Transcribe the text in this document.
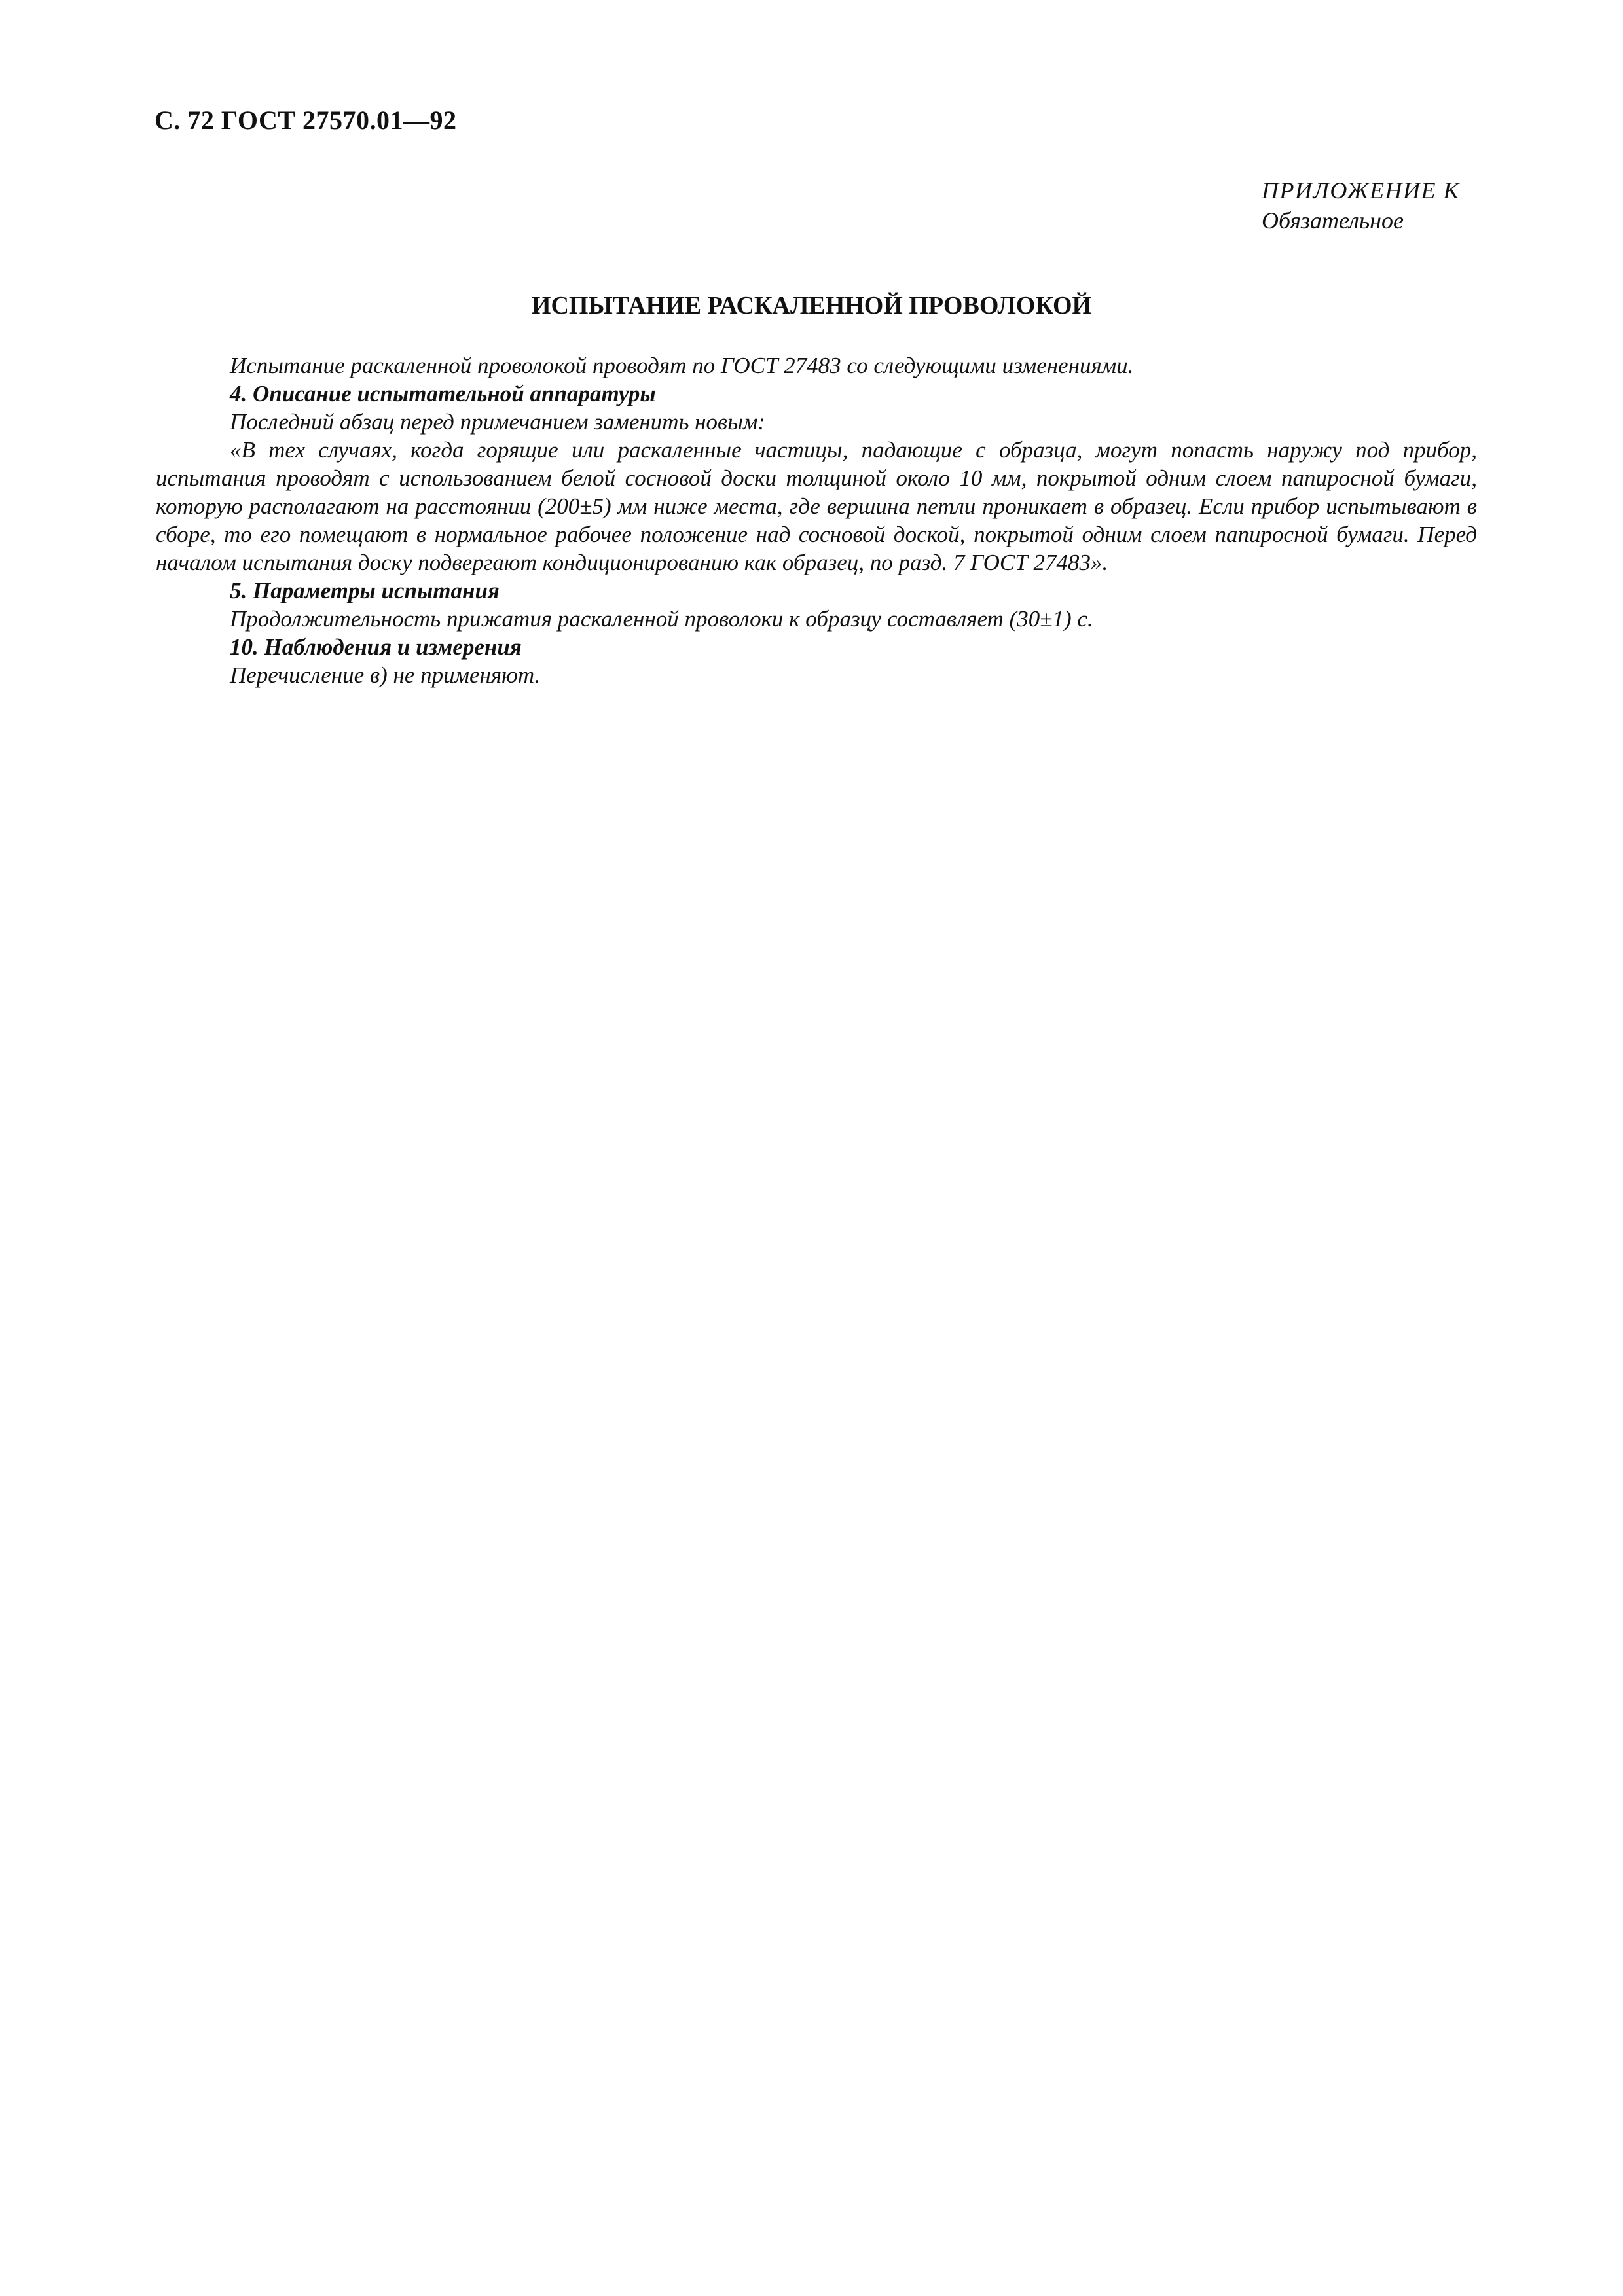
С. 72 ГОСТ 27570.01—92
ПРИЛОЖЕНИЕ К
Обязательное
ИСПЫТАНИЕ РАСКАЛЕННОЙ ПРОВОЛОКОЙ

Испытание раскаленной проволокой проводят по ГОСТ 27483 со следующими изменениями.

4. Описание испытательной аппаратуры

Последний абзац перед примечанием заменить новым:

«В тех случаях, когда горящие или раскаленные частицы, падающие с образца, могут попасть наружу под прибор, испытания проводят с использованием белой сосновой доски толщиной около 10 мм, покрытой одним слоем папиросной бумаги, которую располагают на расстоянии (200±5) мм ниже места, где вершина петли проникает в образец. Если прибор испытывают в сборе, то его помещают в нормальное рабочее положение над сосновой доской, покрытой одним слоем папиросной бумаги. Перед началом испытания доску подвергают кондиционированию как образец, по разд. 7 ГОСТ 27483».

5. Параметры испытания

Продолжительность прижатия раскаленной проволоки к образцу составляет (30±1) с.

10. Наблюдения и измерения

Перечисление в) не применяют.
